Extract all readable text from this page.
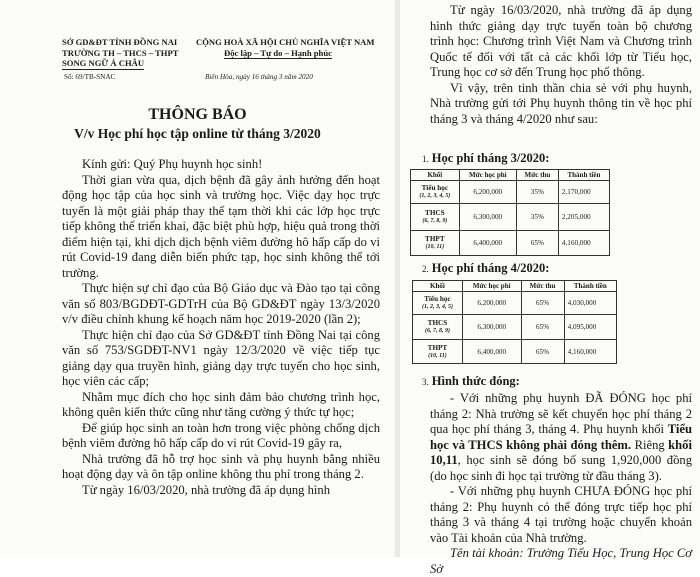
SỞ GD&ĐT TỈNH ĐỒNG NAI
TRƯỜNG TH – THCS – THPT
SONG NGỮ Á CHÂU
CỘNG HOÀ XÃ HỘI CHỦ NGHĨA VIỆT NAM
Độc lập – Tự do – Hạnh phúc
Số: 69/TB-SNAC	Biên Hòa, ngày 16 tháng 3 năm 2020
THÔNG BÁO
V/v Học phí học tập online từ tháng 3/2020

Kính gửi: Quý Phụ huynh học sinh!

Thời gian vừa qua, dịch bệnh đã gây ảnh hưởng đến hoạt động học tập của học sinh và trường học. Việc dạy học trực tuyến là một giải pháp thay thế tạm thời khi các lớp học trực tiếp không thể triển khai, đặc biệt phù hợp, hiệu quả trong thời điểm hiện tại, khi dịch dịch bệnh viêm đường hô hấp cấp do vi rút Covid-19 đang diễn biến phức tạp, học sinh không thể tới trường.

Thực hiện sự chỉ đạo của Bộ Giáo dục và Đào tạo tại công văn số 803/BGDĐT-GDTrH của Bộ GD&ĐT ngày 13/3/2020 v/v điều chỉnh khung kế hoạch năm học 2019-2020 (lần 2);

Thực hiện chỉ đạo của Sở GD&ĐT tỉnh Đồng Nai tại công văn số 753/SGDĐT-NV1 ngày 12/3/2020 về việc tiếp tục giảng dạy qua truyền hình, giảng dạy trực tuyến cho học sinh, học viên các cấp;

Nhằm mục đích cho học sinh đảm bảo chương trình học, không quên kiến thức cũng như tăng cường ý thức tự học;

Để giúp học sinh an toàn hơn trong việc phòng chống dịch bệnh viêm đường hô hấp cấp do vi rút Covid-19 gây ra,

Nhà trường đã hỗ trợ học sinh và phụ huynh bằng nhiều hoạt động dạy và ôn tập online không thu phí trong tháng 2.

Từ ngày 16/03/2020, nhà trường đã áp dụng hình

Từ ngày 16/03/2020, nhà trường đã áp dụng hình thức giảng dạy trực tuyến toàn bộ chương trình học: Chương trình Việt Nam và Chương trình Quốc tế đối với tất cả các khối lớp từ Tiểu học, Trung học cơ sở đến Trung học phổ thông.

Vì vậy, trên tinh thần chia sẻ với phụ huynh, Nhà trường gửi tới Phụ huynh thông tin về học phí tháng 3 và tháng 4/2020 như sau:

1. Học phí tháng 3/2020:
Khối	Mức học phí	Mức thu	Thành tiền

Tiểu học
(1, 2, 3, 4, 5)	6,200,000	35%	2,170,000

THCS
(6, 7, 8, 9)	6,300,000	35%	2,205,000

THPT
(10, 11)	6,400,000	65%	4,160,000
2. Học phí tháng 4/2020:
Khối	Mức học phí	Mức thu	Thành tiền

Tiểu học
(1, 2, 3, 4, 5)	6,200,000	65%	4,030,000

THCS
(6, 7, 8, 9)	6,300,000	65%	4,095,000

THPT
(10, 11)	6,400,000	65%	4,160,000
3. Hình thức đóng:

- Với những phụ huynh ĐÃ ĐÓNG học phí tháng 2: Nhà trường sẽ kết chuyển học phí tháng 2 qua học phí tháng 3, tháng 4. Phụ huynh khối Tiểu học và THCS không phải đóng thêm. Riêng khối 10,11, học sinh sẽ đóng bổ sung 1,920,000 đồng (do học sinh đi học tại trường từ đầu tháng 3).

- Với những phụ huynh CHƯA ĐÓNG học phí tháng 2: Phụ huynh có thể đóng trực tiếp học phí tháng 3 và tháng 4 tại trường hoặc chuyển khoản vào Tài khoản của Nhà trường.

Tên tài khoản: Trường Tiểu Học, Trung Học Cơ Sở
